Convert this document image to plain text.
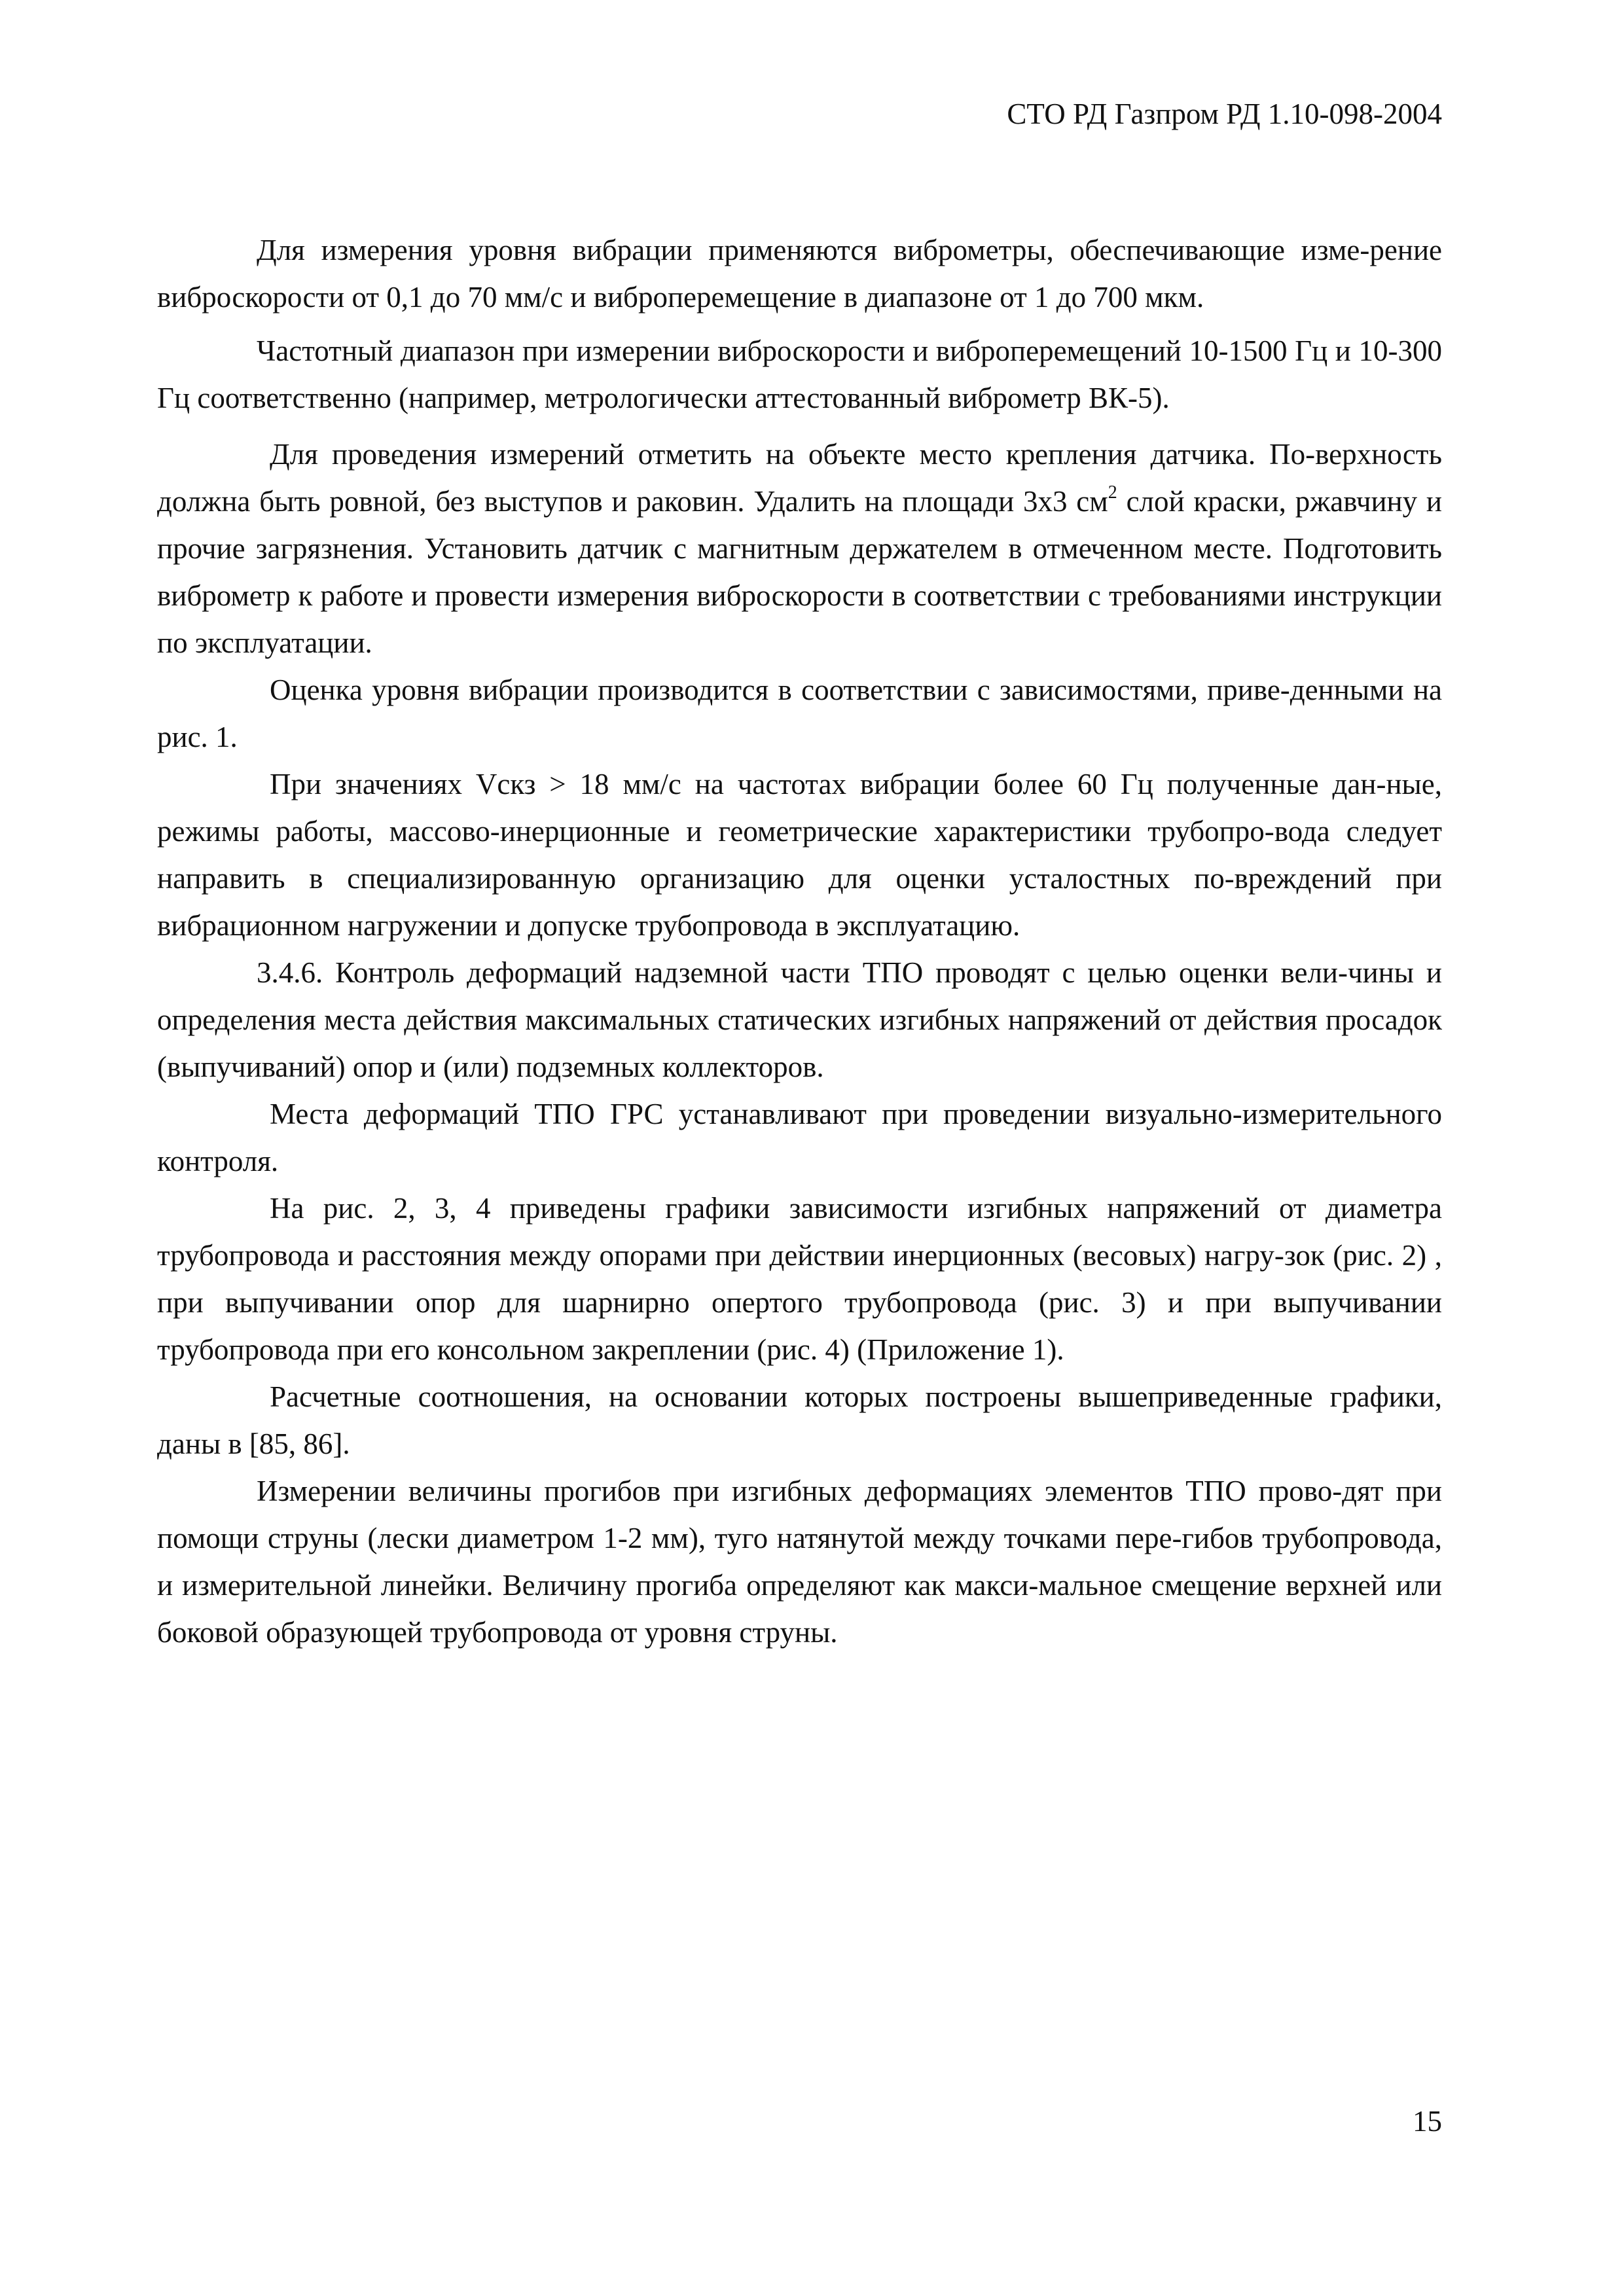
СТО РД Газпром РД 1.10-098-2004

Для измерения уровня вибрации применяются виброметры, обеспечивающие изме-рение виброскорости от 0,1 до 70 мм/с и виброперемещение в диапазоне от 1 до 700 мкм.

Частотный диапазон при измерении виброскорости и виброперемещений 10-1500 Гц и 10-300 Гц соответственно (например, метрологически аттестованный виброметр ВК-5).

Для проведения измерений отметить на объекте место крепления датчика. По-верхность должна быть ровной, без выступов и раковин. Удалить на площади 3х3 $см^2$ слой краски, ржавчину и прочие загрязнения. Установить датчик с магнитным держателем в отмеченном месте. Подготовить виброметр к работе и провести измерения виброскорости в соответствии с требованиями инструкции по эксплуатации.

Оценка уровня вибрации производится в соответствии с зависимостями, приве-денными на рис. 1.

При значениях Vскз > 18 мм/с на частотах вибрации более 60 Гц полученные дан-ные, режимы работы, массово-инерционные и геометрические характеристики трубопро-вода следует направить в специализированную организацию для оценки усталостных по-вреждений при вибрационном нагружении и допуске трубопровода в эксплуатацию.

3.4.6. Контроль деформаций надземной части ТПО проводят с целью оценки вели-чины и определения места действия максимальных статических изгибных напряжений от действия просадок (выпучиваний) опор и (или) подземных коллекторов.

Места деформаций ТПО ГРС устанавливают при проведении визуально-измерительного контроля.

На рис. 2, 3, 4 приведены графики зависимости изгибных напряжений от диаметра трубопровода и расстояния между опорами при действии инерционных (весовых) нагру-зок (рис. 2) , при выпучивании опор для шарнирно опертого трубопровода (рис. 3) и при выпучивании трубопровода при его консольном закреплении (рис. 4) (Приложение 1).

Расчетные соотношения, на основании которых построены вышеприведенные графики, даны в [85, 86].

Измерении величины прогибов при изгибных деформациях элементов ТПО прово-дят при помощи струны (лески диаметром 1-2 мм), туго натянутой между точками пере-гибов трубопровода, и измерительной линейки. Величину прогиба определяют как макси-мальное смещение верхней или боковой образующей трубопровода от уровня струны.

15
